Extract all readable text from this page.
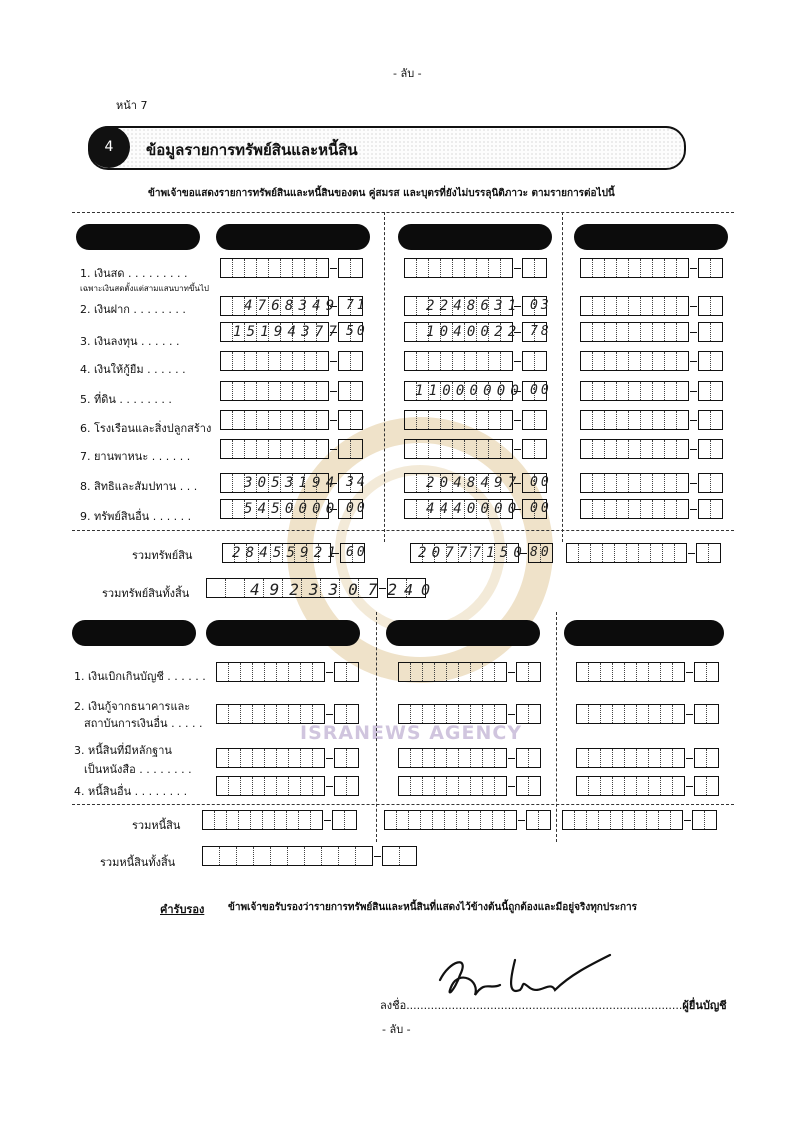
- ลับ -
หน้า 7
4	ข้อมูลรายการทรัพย์สินและหนี้สิน
ข้าพเจ้าขอแสดงรายการทรัพย์สินและหนี้สินของตน คู่สมรส และบุตรที่ยังไม่บรรลุนิติภาวะ ตามรายการต่อไปนี้
ISRANEWS AGENCY
1. เงินสด . . . . . . . . .
เฉพาะเงินสดตั้งแต่สามแสนบาทขึ้นไป
2. เงินฝาก . . . . . . . .
3. เงินลงทุน . . . . . .
4. เงินให้กู้ยืม . . . . . .
5. ที่ดิน . . . . . . . .
6. โรงเรือนและสิ่งปลูกสร้าง
7. ยานพาหนะ . . . . . .
8. สิทธิและสัมปทาน . . .
9. ทรัพย์สินอื่น . . . . . .
รวมทรัพย์สิน
รวมทรัพย์สินทั้งสิ้น
4768349 71
15194377 50
3053194 34
5450000 00
28455921 60
2248631 03
1040022 78
11000000 00
2048497 00
4440000 00
20777150 80
49233072
40
1. เงินเบิกเกินบัญชี . . . . . .
2. เงินกู้จากธนาคารและ
สถาบันการเงินอื่น . . . . .
3. หนี้สินที่มีหลักฐาน
เป็นหนังสือ . . . . . . . .
4. หนี้สินอื่น . . . . . . . .
รวมหนี้สิน
รวมหนี้สินทั้งสิ้น
คำรับรอง ข้าพเจ้าขอรับรองว่ารายการทรัพย์สินและหนี้สินที่แสดงไว้ข้างต้นนี้ถูกต้องและมีอยู่จริงทุกประการ
ลงชื่อ...............................................................................ผู้ยื่นบัญชี
- ลับ -
